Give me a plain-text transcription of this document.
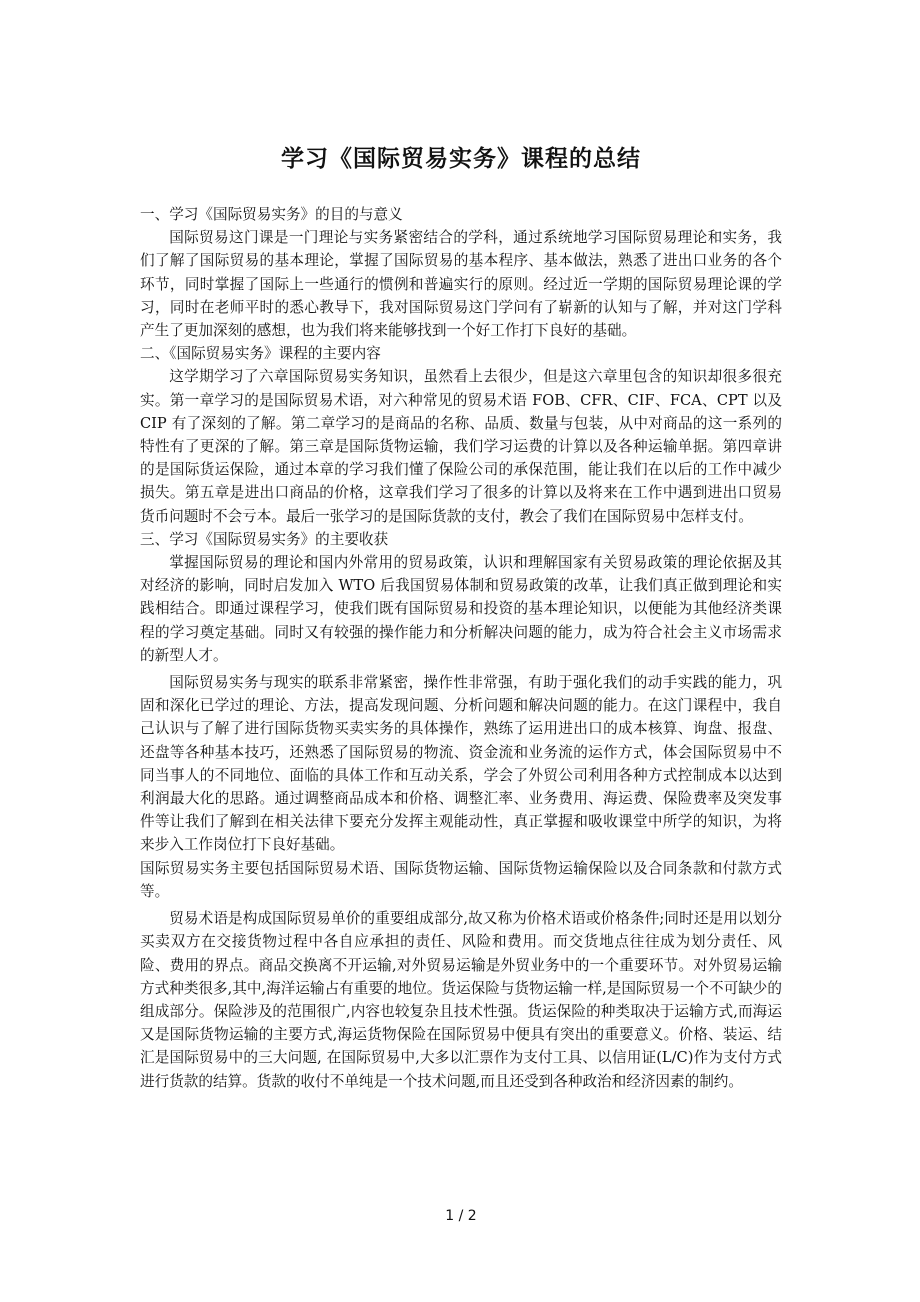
学习《国际贸易实务》课程的总结

一、学习《国际贸易实务》的目的与意义

国际贸易这门课是一门理论与实务紧密结合的学科，通过系统地学习国际贸易理论和实务，我们了解了国际贸易的基本理论，掌握了国际贸易的基本程序、基本做法，熟悉了进出口业务的各个环节，同时掌握了国际上一些通行的惯例和普遍实行的原则。经过近一学期的国际贸易理论课的学习，同时在老师平时的悉心教导下，我对国际贸易这门学问有了崭新的认知与了解，并对这门学科产生了更加深刻的感想，也为我们将来能够找到一个好工作打下良好的基础。

二、《国际贸易实务》课程的主要内容

这学期学习了六章国际贸易实务知识，虽然看上去很少，但是这六章里包含的知识却很多很充实。第一章学习的是国际贸易术语，对六种常见的贸易术语 FOB、CFR、CIF、FCA、CPT 以及 CIP 有了深刻的了解。第二章学习的是商品的名称、品质、数量与包装，从中对商品的这一系列的特性有了更深的了解。第三章是国际货物运输，我们学习运费的计算以及各种运输单据。第四章讲的是国际货运保险，通过本章的学习我们懂了保险公司的承保范围，能让我们在以后的工作中减少损失。第五章是进出口商品的价格，这章我们学习了很多的计算以及将来在工作中遇到进出口贸易货币问题时不会亏本。最后一张学习的是国际货款的支付，教会了我们在国际贸易中怎样支付。

三、学习《国际贸易实务》的主要收获

掌握国际贸易的理论和国内外常用的贸易政策，认识和理解国家有关贸易政策的理论依据及其对经济的影响，同时启发加入 WTO 后我国贸易体制和贸易政策的改革，让我们真正做到理论和实践相结合。即通过课程学习，使我们既有国际贸易和投资的基本理论知识，以便能为其他经济类课程的学习奠定基础。同时又有较强的操作能力和分析解决问题的能力，成为符合社会主义市场需求的新型人才。

国际贸易实务与现实的联系非常紧密，操作性非常强，有助于强化我们的动手实践的能力，巩固和深化已学过的理论、方法，提高发现问题、分析问题和解决问题的能力。在这门课程中，我自己认识与了解了进行国际货物买卖实务的具体操作，熟练了运用进出口的成本核算、询盘、报盘、还盘等各种基本技巧，还熟悉了国际贸易的物流、资金流和业务流的运作方式，体会国际贸易中不同当事人的不同地位、面临的具体工作和互动关系，学会了外贸公司利用各种方式控制成本以达到利润最大化的思路。通过调整商品成本和价格、调整汇率、业务费用、海运费、保险费率及突发事件等让我们了解到在相关法律下要充分发挥主观能动性，真正掌握和吸收课堂中所学的知识，为将来步入工作岗位打下良好基础。

国际贸易实务主要包括国际贸易术语、国际货物运输、国际货物运输保险以及合同条款和付款方式等。

贸易术语是构成国际贸易单价的重要组成部分,故又称为价格术语或价格条件;同时还是用以划分买卖双方在交接货物过程中各自应承担的责任、风险和费用。而交货地点往往成为划分责任、风险、费用的界点。商品交换离不开运输,对外贸易运输是外贸业务中的一个重要环节。对外贸易运输方式种类很多,其中,海洋运输占有重要的地位。货运保险与货物运输一样,是国际贸易一个不可缺少的组成部分。保险涉及的范围很广,内容也较复杂且技术性强。货运保险的种类取决于运输方式,而海运又是国际货物运输的主要方式,海运货物保险在国际贸易中便具有突出的重要意义。价格、装运、结汇是国际贸易中的三大问题, 在国际贸易中,大多以汇票作为支付工具、以信用证(L/C)作为支付方式进行货款的结算。货款的收付不单纯是一个技术问题,而且还受到各种政治和经济因素的制约。

1 / 2
